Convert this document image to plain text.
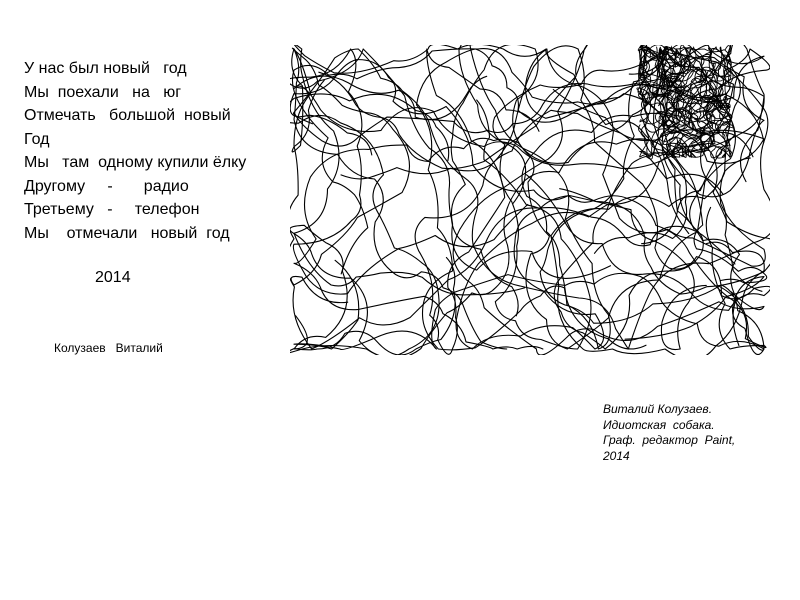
У нас был новый   год
Мы  поехали   на   юг
Отмечать   большой  новый
Год
Мы   там  одному купили ёлку
Другому     -       радио
Третьему   -     телефон
Мы    отмечали   новый  год
2014
Колузаев   Виталий
Виталий Колузаев.
Идиотская  собака.
Граф.  редактор  Paint,
2014
